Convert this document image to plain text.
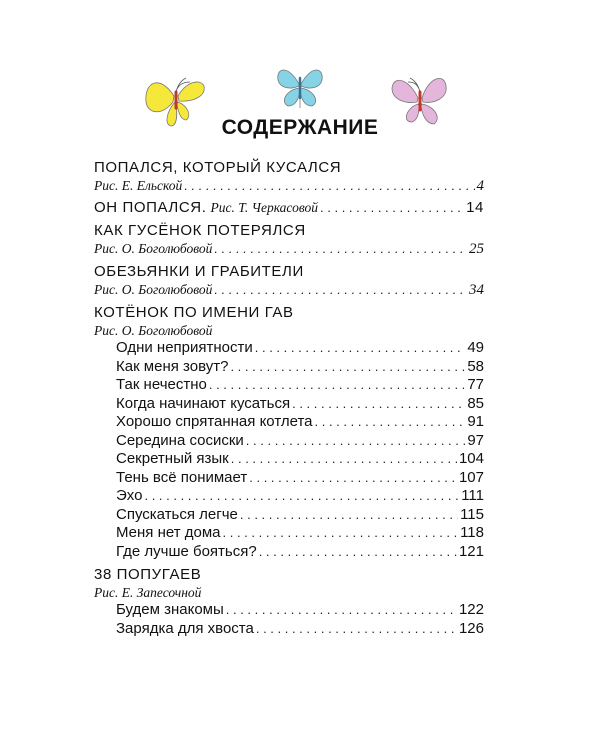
СОДЕРЖАНИЕ
ПОПАЛСЯ, КОТОРЫЙ КУСАЛСЯ
Рис. Е. Ельской . . .	4
ОН ПОПАЛСЯ. Рис. Т. Черкасовой . . .	14
КАК ГУСЁНОК ПОТЕРЯЛСЯ
Рис. О. Боголюбовой . . .	25
ОБЕЗЬЯНКИ И ГРАБИТЕЛИ
Рис. О. Боголюбовой . . .	34
КОТЁНОК ПО ИМЕНИ ГАВ
Рис. О. Боголюбовой
Одни неприятности . . .	49
Как меня зовут? . . .	58
Так нечестно . . .	77
Когда начинают кусаться . . .	85
Хорошо спрятанная котлета . . .	91
Середина сосиски . . .	97
Секретный язык . . .	104
Тень всё понимает . . .	107
Эхо . . .	111
Спускаться легче . . .	115
Меня нет дома . . .	118
Где лучше бояться? . . .	121
38 ПОПУГАЕВ
Рис. Е. Запесочной
Будем знакомы . . .	122
Зарядка для хвоста . . .	126
